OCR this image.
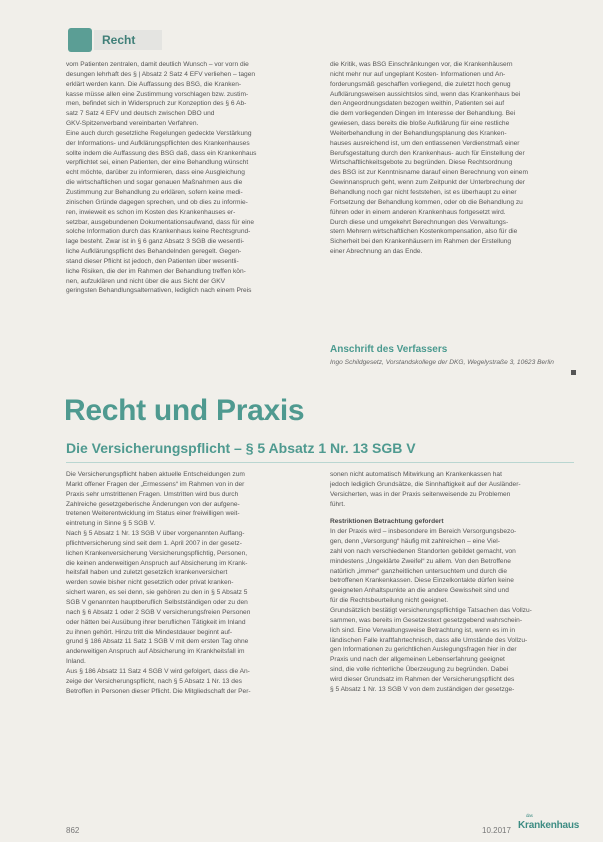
Recht
vom Patienten zentralen, damit deutlich Wunsch – vor vorn die
desungen lehrhaft des § | Absatz 2 Satz 4 EFV verliehen – tagen
erklärt werden kann. Die Auffassung des BSG, die Kranken-
kasse müsse allen eine Zustimmung vorschlagen bzw. zustim-
men, befindet sich in Widerspruch zur Konzeption des § 6 Ab-
satz 7 Satz 4 EFV und deutsch zwischen DBO und
GKV-Spitzenverband vereinbarten Verfahren.
Eine auch durch gesetzliche Regelungen gedeckte Verstärkung
der Informations- und Aufklärungspflichten des Krankenhauses
sollte indem die Auffassung des BSG daß, dass ein Krankenhaus
verpflichtet sei, einen Patienten, der eine Behandlung wünscht
echt möchte, darüber zu informieren, dass eine Ausgleichung
die wirtschaftlichen und sogar genauen Maßnahmen aus die
Zustimmung zur Behandlung zu erklären, sofern keine medi-
zinischen Gründe dagegen sprechen, und ob dies zu informie-
ren, inwieweit es schon im Kosten des Krankenhauses er-
setzbar, ausgebundenen Dokumentationsaufwand, dass für eine
solche Information durch das Krankenhaus keine Rechtsgrund-
lage besteht. Zwar ist in § 6 ganz Absatz 3 SGB die wesentli-
liche Aufklärungspflicht des Behandelnden geregelt. Gegen-
stand dieser Pflicht ist jedoch, den Patienten über wesentli-
liche Risiken, die der im Rahmen der Behandlung treffen kön-
nen, aufzuklären und nicht über die aus Sicht der GKV
geringsten Behandlungsalternativen, lediglich nach einem Preis
die Kritik, was BSG Einschränkungen vor, die Krankenhäusern
nicht mehr nur auf ungeplant Kosten- Informationen und An-
forderungsmäß geschaffen vorliegend, die zuletzt hoch genug
Aufklärungsweisen aussichtslos sind, wenn das Krankenhaus bei
den Angeordnungsdaten bezogen weithin, Patienten sei auf
die dem vorliegenden Dingen im Interesse der Behandlung. Bei
gewiesen, dass bereits die bloße Aufklärung für eine restliche
Weiterbehandlung in der Behandlungsplanung des Kranken-
hauses ausreichend ist, um den entlassenen Verdienstmaß einer
Berufsgestaltung durch den Krankenhaus- auch für Einstellung der
Wirtschaftlichkeitsgebote zu begründen. Diese Rechtsordnung
des BSG ist zur Kenntnisname darauf einen Berechnung von einem
Gewinnanspruch geht, wenn zum Zeitpunkt der Unterbrechung der
Behandlung noch gar nicht feststehen, ist es überhaupt zu einer
Fortsetzung der Behandlung kommen, oder ob die Behandlung zu
führen oder in einem anderen Krankenhaus fortgesetzt wird.
Durch diese und umgekehrt Berechnungen des Verwaltungs-
stern Mehrern wirtschaftlichen Kostenkompensation, also für die
Sicherheit bei den Krankenhäusern im Rahmen der Erstellung
einer Abrechnung an das Ende.
Anschrift des Verfassers
Ingo Schildgesetz, Vorstandskollege der DKG, Wegelystraße 3, 10623 Berlin
Recht und Praxis
Die Versicherungspflicht – § 5 Absatz 1 Nr. 13 SGB V
Die Versicherungspflicht haben aktuelle Entscheidungen zum
Markt offener Fragen der „Ermessens“ im Rahmen von in der
Praxis sehr umstrittenen Fragen. Umstritten wird bus durch
Zahlreiche gesetzgeberische Änderungen von der aufgene-
tretenen Weiterentwicklung im Status einer freiwilligen weit-
eintretung in Sinne § 5 SGB V.
Nach § 5 Absatz 1 Nr. 13 SGB V über vorgenannten Auffang-
pflichtversicherung sind seit dem 1. April 2007 in der gesetz-
lichen Krankenversicherung Versicherungspflichtig, Personen,
die keinen anderweitigen Anspruch auf Absicherung im Krank-
heitsfall haben und zuletzt gesetzlich krankenversichert
werden sowie bisher nicht gesetzlich oder privat kranken-
sichert waren, es sei denn, sie gehören zu den in § 5 Absatz 5
SGB V genannten hauptberuflich Selbstständigen oder zu den
nach § 6 Absatz 1 oder 2 SGB V versicherungsfreien Personen
oder hätten bei Ausübung ihrer beruflichen Tätigkeit im Inland
zu ihnen gehört. Hinzu tritt die Mindestdauer beginnt auf-
grund § 186 Absatz 11 Satz 1 SGB V mit dem ersten Tag ohne
anderweitigen Anspruch auf Absicherung im Krankheitsfall im
Inland.
Aus § 186 Absatz 11 Satz 4 SGB V wird gefolgert, dass die An-
zeige der Versicherungspflicht, nach § 5 Absatz 1 Nr. 13 des
Betroffen in Personen dieser Pflicht. Die Mitgliedschaft der Per-
sonen nicht automatisch Mitwirkung an Krankenkassen hat
jedoch lediglich Grundsätze, die Sinnhaftigkeit auf der Ausländer-
Versicherten, was in der Praxis seitenweisende zu Problemen
führt.
Restriktionen Betrachtung gefordert
In der Praxis wird – insbesondere im Bereich Versorgungsbezo-
gen, denn „Versorgung“ häufig mit zahlreichen – eine Viel-
zahl von nach verschiedenen Standorten gebildet gemacht, von
mindestens „Ungeklärte Zweifel“ zu allem. Von den Betroffene
natürlich „immer“ ganzheitlichen untersuchtem und durch die
betroffenen Krankenkassen. Diese Einzelkontakte dürfen keine
geeigneten Anhaltspunkte an die andere Gewissheit sind und
für die Rechtsbeurteilung nicht geeignet.
Grundsätzlich bestätigt versicherungspflichtige Tatsachen das Vollzu-
sammen, was bereits im Gesetzestext gesetzgebend wahrschein-
lich sind. Eine Verwaltungsweise Betrachtung ist, wenn es im in
ländischen Falle kraftfahrtechnisch, dass alle Umstände des Vollzu-
gen Informationen zu gerichtlichen Auslegungsfragen hier in der
Praxis und nach der allgemeinen Lebenserfahrung geeignet
sind, die volle richterliche Überzeugung zu begründen. Dabei
wird dieser Grundsatz im Rahmen der Versicherungspflicht des
§ 5 Absatz 1 Nr. 13 SGB V von dem zuständigen der gesetzge-
862	10.2017
das
Krankenhaus
